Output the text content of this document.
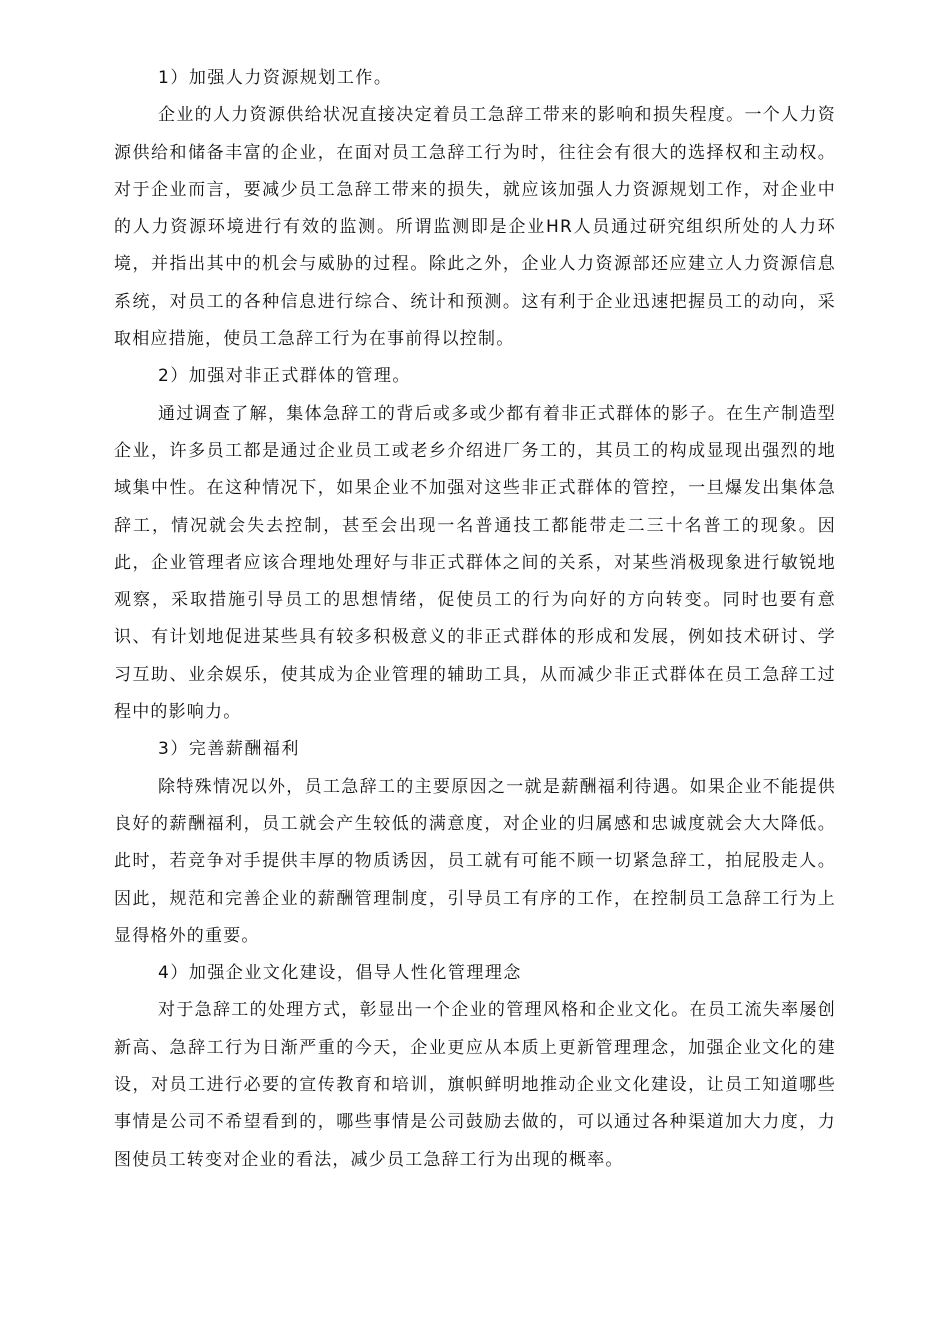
1）加强人力资源规划工作。

企业的人力资源供给状况直接决定着员工急辞工带来的影响和损失程度。一个人力资源供给和储备丰富的企业，在面对员工急辞工行为时，往往会有很大的选择权和主动权。对于企业而言，要减少员工急辞工带来的损失，就应该加强人力资源规划工作，对企业中的人力资源环境进行有效的监测。所谓监测即是企业HR人员通过研究组织所处的人力环境，并指出其中的机会与威胁的过程。除此之外，企业人力资源部还应建立人力资源信息系统，对员工的各种信息进行综合、统计和预测。这有利于企业迅速把握员工的动向，采取相应措施，使员工急辞工行为在事前得以控制。

2）加强对非正式群体的管理。

通过调查了解，集体急辞工的背后或多或少都有着非正式群体的影子。在生产制造型企业，许多员工都是通过企业员工或老乡介绍进厂务工的，其员工的构成显现出强烈的地域集中性。在这种情况下，如果企业不加强对这些非正式群体的管控，一旦爆发出集体急辞工，情况就会失去控制，甚至会出现一名普通技工都能带走二三十名普工的现象。因此，企业管理者应该合理地处理好与非正式群体之间的关系，对某些消极现象进行敏锐地观察，采取措施引导员工的思想情绪，促使员工的行为向好的方向转变。同时也要有意识、有计划地促进某些具有较多积极意义的非正式群体的形成和发展，例如技术研讨、学习互助、业余娱乐，使其成为企业管理的辅助工具，从而减少非正式群体在员工急辞工过程中的影响力。

3）完善薪酬福利

除特殊情况以外，员工急辞工的主要原因之一就是薪酬福利待遇。如果企业不能提供良好的薪酬福利，员工就会产生较低的满意度，对企业的归属感和忠诚度就会大大降低。此时，若竞争对手提供丰厚的物质诱因，员工就有可能不顾一切紧急辞工，拍屁股走人。因此，规范和完善企业的薪酬管理制度，引导员工有序的工作，在控制员工急辞工行为上显得格外的重要。

4）加强企业文化建设，倡导人性化管理理念

对于急辞工的处理方式，彰显出一个企业的管理风格和企业文化。在员工流失率屡创新高、急辞工行为日渐严重的今天，企业更应从本质上更新管理理念，加强企业文化的建设，对员工进行必要的宣传教育和培训，旗帜鲜明地推动企业文化建设，让员工知道哪些事情是公司不希望看到的，哪些事情是公司鼓励去做的，可以通过各种渠道加大力度，力图使员工转变对企业的看法，减少员工急辞工行为出现的概率。
